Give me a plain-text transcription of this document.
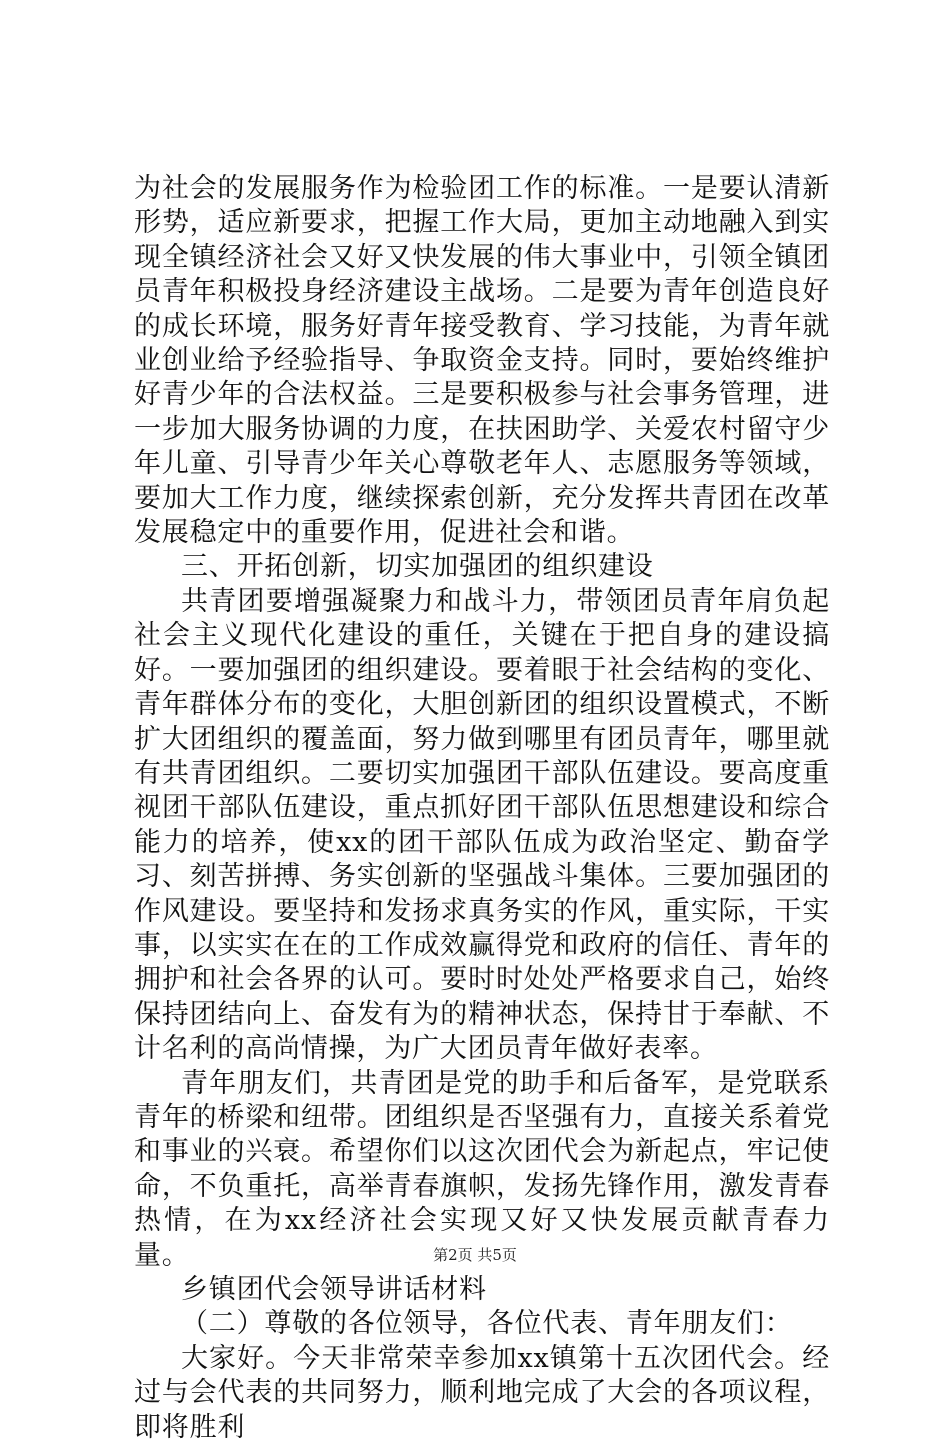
为社会的发展服务作为检验团工作的标准。一是要认清新形势，适应新要求，把握工作大局，更加主动地融入到实现全镇经济社会又好又快发展的伟大事业中，引领全镇团员青年积极投身经济建设主战场。二是要为青年创造良好的成长环境，服务好青年接受教育、学习技能，为青年就业创业给予经验指导、争取资金支持。同时，要始终维护好青少年的合法权益。三是要积极参与社会事务管理，进一步加大服务协调的力度，在扶困助学、关爱农村留守少年儿童、引导青少年关心尊敬老年人、志愿服务等领域，要加大工作力度，继续探索创新，充分发挥共青团在改革发展稳定中的重要作用，促进社会和谐。

三、开拓创新，切实加强团的组织建设

共青团要增强凝聚力和战斗力，带领团员青年肩负起社会主义现代化建设的重任，关键在于把自身的建设搞好。一要加强团的组织建设。要着眼于社会结构的变化、青年群体分布的变化，大胆创新团的组织设置模式，不断扩大团组织的覆盖面，努力做到哪里有团员青年，哪里就有共青团组织。二要切实加强团干部队伍建设。要高度重视团干部队伍建设，重点抓好团干部队伍思想建设和综合能力的培养，使xx的团干部队伍成为政治坚定、勤奋学习、刻苦拼搏、务实创新的坚强战斗集体。三要加强团的作风建设。要坚持和发扬求真务实的作风，重实际，干实事，以实实在在的工作成效赢得党和政府的信任、青年的拥护和社会各界的认可。要时时处处严格要求自己，始终保持团结向上、奋发有为的精神状态，保持甘于奉献、不计名利的高尚情操，为广大团员青年做好表率。

青年朋友们，共青团是党的助手和后备军，是党联系青年的桥梁和纽带。团组织是否坚强有力，直接关系着党和事业的兴衰。希望你们以这次团代会为新起点，牢记使命，不负重托，高举青春旗帜，发扬先锋作用，激发青春热情，在为xx经济社会实现又好又快发展贡献青春力量。

乡镇团代会领导讲话材料

（二）尊敬的各位领导，各位代表、青年朋友们：

大家好。今天非常荣幸参加xx镇第十五次团代会。经过与会代表的共同努力，顺利地完成了大会的各项议程，即将胜利

第2页 共5页
